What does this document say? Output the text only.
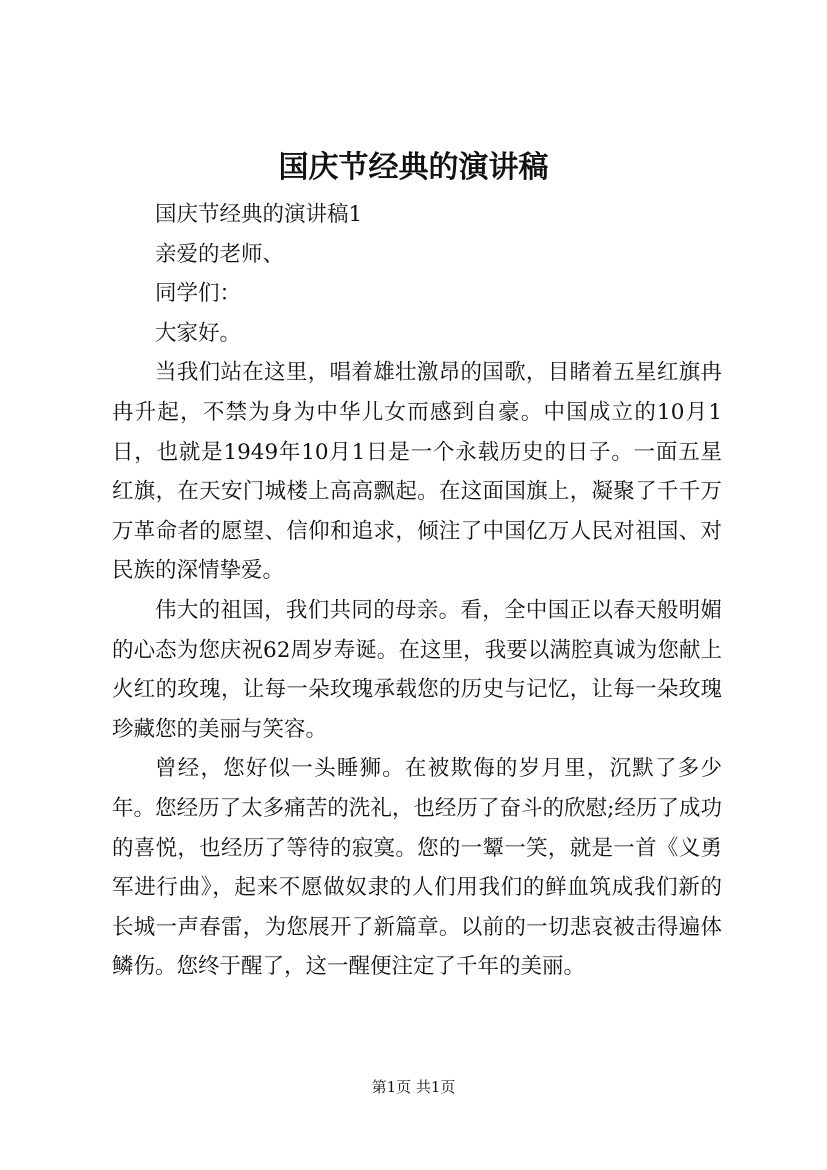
国庆节经典的演讲稿

国庆节经典的演讲稿1

亲爱的老师、

同学们：

大家好。

当我们站在这里，唱着雄壮激昂的国歌，目睹着五星红旗冉冉升起，不禁为身为中华儿女而感到自豪。中国成立的10月1日，也就是1949年10月1日是一个永载历史的日子。一面五星红旗，在天安门城楼上高高飘起。在这面国旗上，凝聚了千千万万革命者的愿望、信仰和追求，倾注了中国亿万人民对祖国、对民族的深情挚爱。

伟大的祖国，我们共同的母亲。看，全中国正以春天般明媚的心态为您庆祝62周岁寿诞。在这里，我要以满腔真诚为您献上火红的玫瑰，让每一朵玫瑰承载您的历史与记忆，让每一朵玫瑰珍藏您的美丽与笑容。

曾经，您好似一头睡狮。在被欺侮的岁月里，沉默了多少年。您经历了太多痛苦的洗礼，也经历了奋斗的欣慰;经历了成功的喜悦，也经历了等待的寂寞。您的一颦一笑，就是一首《义勇军进行曲》，起来不愿做奴隶的人们用我们的鲜血筑成我们新的长城一声春雷，为您展开了新篇章。以前的一切悲哀被击得遍体鳞伤。您终于醒了，这一醒便注定了千年的美丽。

第1页 共1页
